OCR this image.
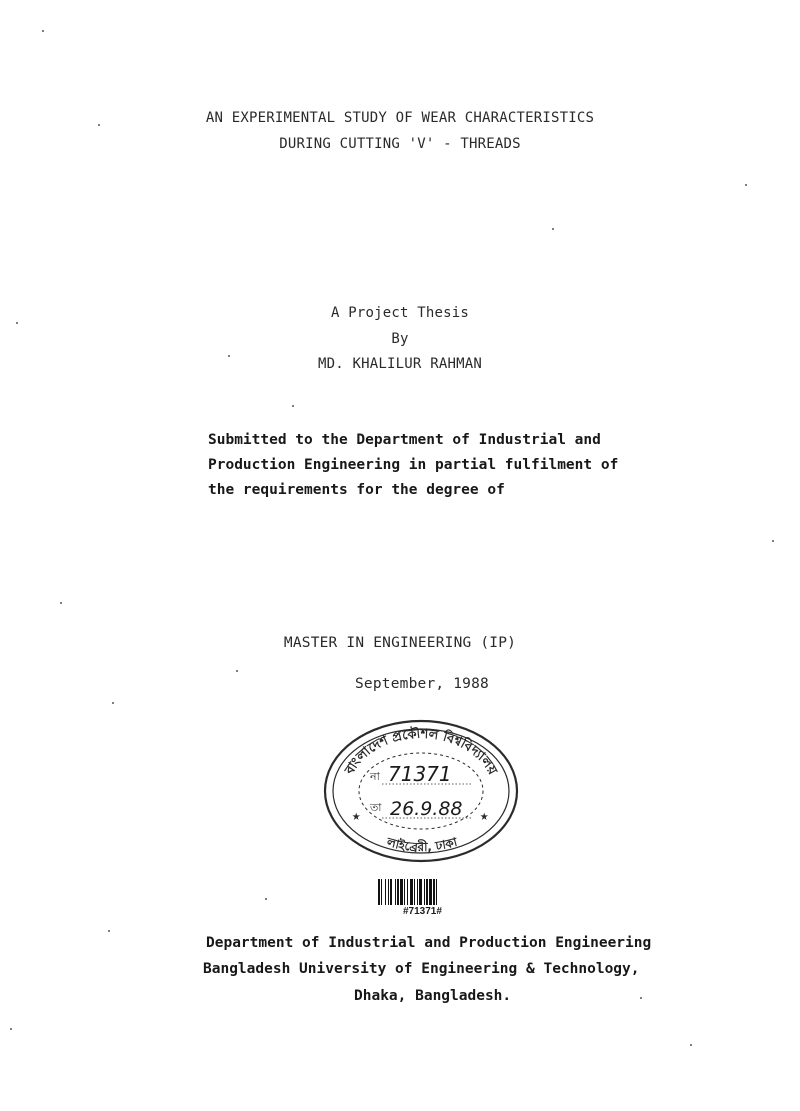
AN EXPERIMENTAL STUDY OF WEAR CHARACTERISTICS
DURING CUTTING 'V' - THREADS
A Project Thesis
By
MD. KHALILUR RAHMAN
Submitted to the Department of Industrial and
Production Engineering in partial fulfilment of
the requirements for the degree of
MASTER IN ENGINEERING (IP)
September, 1988
বাংলাদেশ প্রকৌশল বিশ্ববিদ্যালয়
লাইব্রেরী, ঢাকা
★	★
না 71371
তা 26.9.88
#71371#
Department of Industrial and Production Engineering
Bangladesh University of Engineering & Technology,
Dhaka, Bangladesh.
